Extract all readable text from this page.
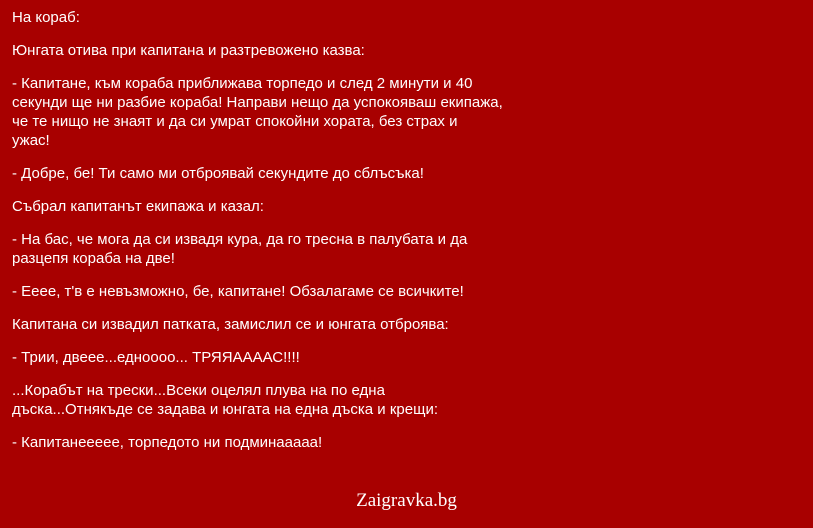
На кораб:

Юнгата отива при капитана и разтревожено казва:

- Капитане, към кораба приближава торпедо и след 2 минути и 40
секунди ще ни разбие кораба! Направи нещо да успокояваш екипажа,
че те нищо не знаят и да си умрат спокойни хората, без страх и
ужас!

- Добре, бе! Ти само ми отброявай секундите до сблъсъка!

Събрал капитанът екипажа и казал:

- На бас, че мога да си извадя кура, да го тресна в палубата и да
разцепя кораба на две!

- Ееее, т'в е невъзможно, бе, капитане! Обзалагаме се всичките!

Капитана си извадил патката, замислил се и юнгата отброява:

- Трии, двеее...едноооо... ТРЯЯААААС!!!!

...Корабът на трески...Всеки оцелял плува на по една
дъска...Отнякъде се задава и юнгата на една дъска и крещи:

- Капитанеееее, торпедото ни подминааааа!

Zaigravka.bg
